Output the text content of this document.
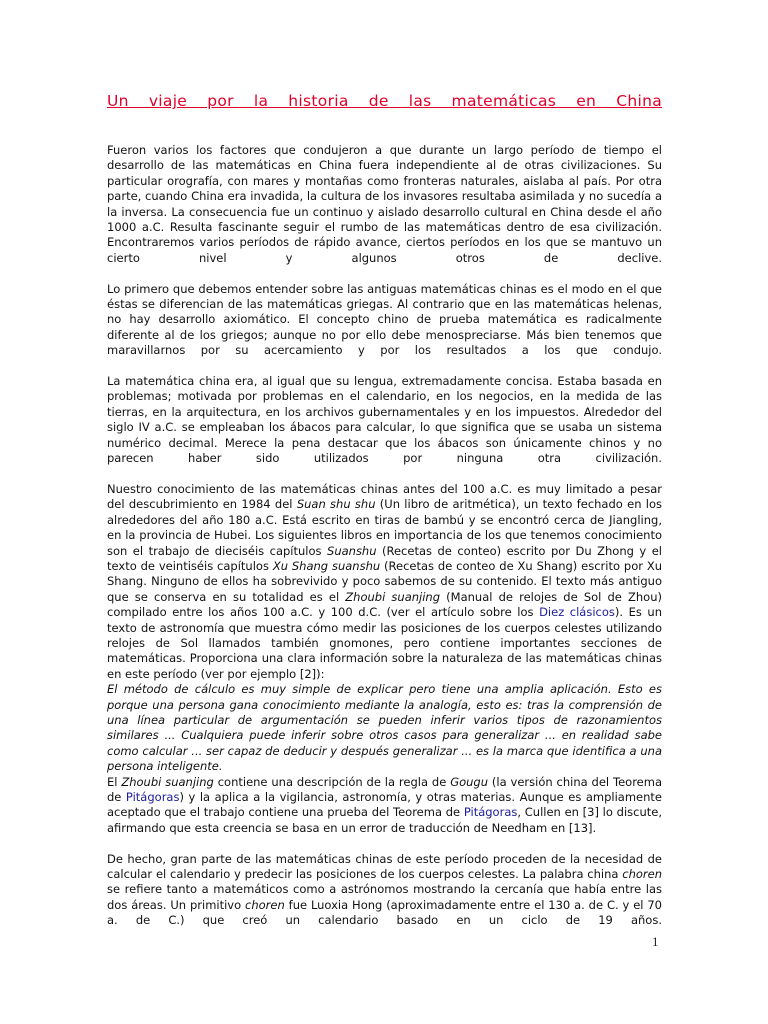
Un viaje por la historia de las matemáticas en China

Fueron varios los factores que condujeron a que durante un largo período de tiempo el desarrollo de las matemáticas en China fuera independiente al de otras civilizaciones. Su particular orografía, con mares y montañas como fronteras naturales, aislaba al país. Por otra parte, cuando China era invadida, la cultura de los invasores resultaba asimilada y no sucedía a la inversa. La consecuencia fue un continuo y aislado desarrollo cultural en China desde el año 1000 a.C. Resulta fascinante seguir el rumbo de las matemáticas dentro de esa civilización. Encontraremos varios períodos de rápido avance, ciertos períodos en los que se mantuvo un cierto nivel y algunos otros de declive.

Lo primero que debemos entender sobre las antiguas matemáticas chinas es el modo en el que éstas se diferencian de las matemáticas griegas. Al contrario que en las matemáticas helenas, no hay desarrollo axiomático. El concepto chino de prueba matemática es radicalmente diferente al de los griegos; aunque no por ello debe menospreciarse. Más bien tenemos que maravillarnos por su acercamiento y por los resultados a los que condujo.

La matemática china era, al igual que su lengua, extremadamente concisa. Estaba basada en problemas; motivada por problemas en el calendario, en los negocios, en la medida de las tierras, en la arquitectura, en los archivos gubernamentales y en los impuestos. Alrededor del siglo IV a.C. se empleaban los ábacos para calcular, lo que significa que se usaba un sistema numérico decimal. Merece la pena destacar que los ábacos son únicamente chinos y no parecen haber sido utilizados por ninguna otra civilización.

Nuestro conocimiento de las matemáticas chinas antes del 100 a.C. es muy limitado a pesar del descubrimiento en 1984 del Suan shu shu (Un libro de aritmética), un texto fechado en los alrededores del año 180 a.C. Está escrito en tiras de bambú y se encontró cerca de Jiangling, en la provincia de Hubei. Los siguientes libros en importancia de los que tenemos conocimiento son el trabajo de dieciséis capítulos Suanshu (Recetas de conteo) escrito por Du Zhong y el texto de veintiséis capítulos Xu Shang suanshu (Recetas de conteo de Xu Shang) escrito por Xu Shang. Ninguno de ellos ha sobrevivido y poco sabemos de su contenido. El texto más antiguo que se conserva en su totalidad es el Zhoubi suanjing (Manual de relojes de Sol de Zhou) compilado entre los años 100 a.C. y 100 d.C. (ver el artículo sobre los Diez clásicos). Es un texto de astronomía que muestra cómo medir las posiciones de los cuerpos celestes utilizando relojes de Sol llamados también gnomones, pero contiene importantes secciones de matemáticas. Proporciona una clara información sobre la naturaleza de las matemáticas chinas en este período (ver por ejemplo [2]):

El método de cálculo es muy simple de explicar pero tiene una amplia aplicación. Esto es porque una persona gana conocimiento mediante la analogía, esto es: tras la comprensión de una línea particular de argumentación se pueden inferir varios tipos de razonamientos similares ... Cualquiera puede inferir sobre otros casos para generalizar ... en realidad sabe como calcular ... ser capaz de deducir y después generalizar ... es la marca que identifica a una persona inteligente.

El Zhoubi suanjing contiene una descripción de la regla de Gougu (la versión china del Teorema de Pitágoras) y la aplica a la vigilancia, astronomía, y otras materias. Aunque es ampliamente aceptado que el trabajo contiene una prueba del Teorema de Pitágoras, Cullen en [3] lo discute, afirmando que esta creencia se basa en un error de traducción de Needham en [13].

De hecho, gran parte de las matemáticas chinas de este período proceden de la necesidad de calcular el calendario y predecir las posiciones de los cuerpos celestes. La palabra china choren se refiere tanto a matemáticos como a astrónomos mostrando la cercanía que había entre las dos áreas. Un primitivo choren fue Luoxia Hong (aproximadamente entre el 130 a. de C. y el 70 a. de C.) que creó un calendario basado en un ciclo de 19 años.

1
